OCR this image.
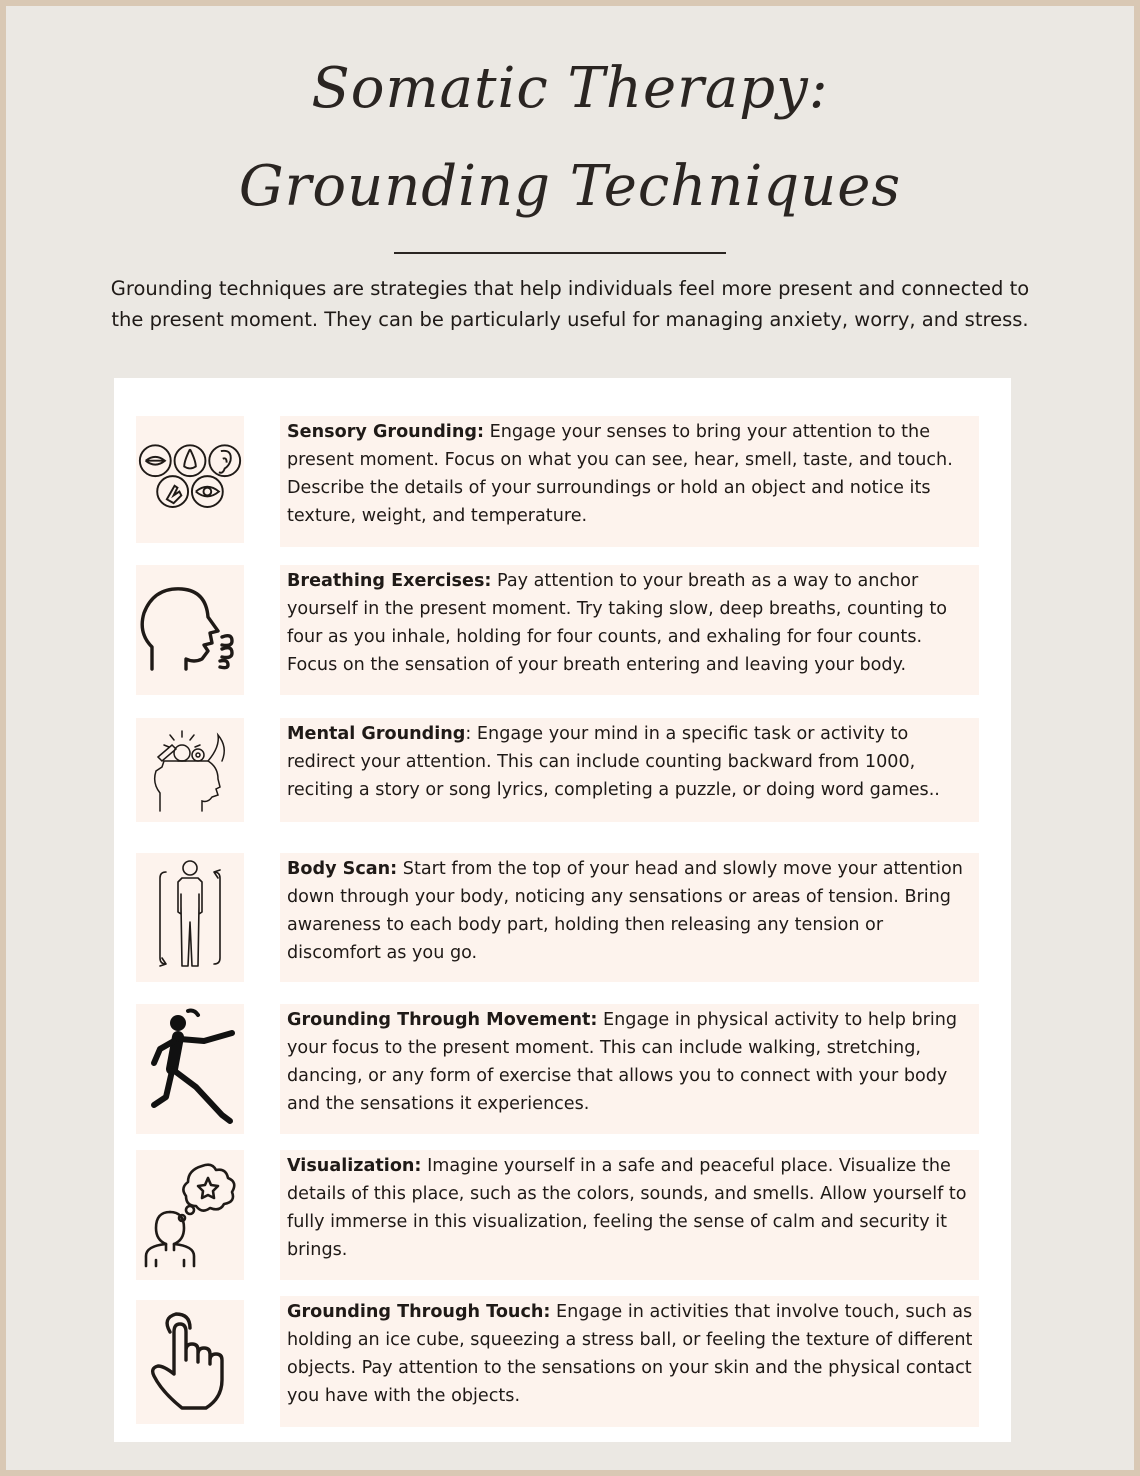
Somatic Therapy:
Grounding Techniques

Grounding techniques are strategies that help individuals feel more present and connected to the present moment. They can be particularly useful for managing anxiety, worry, and stress.

Sensory Grounding: Engage your senses to bring your attention to the present moment. Focus on what you can see, hear, smell, taste, and touch. Describe the details of your surroundings or hold an object and notice its texture, weight, and temperature.

Breathing Exercises: Pay attention to your breath as a way to anchor yourself in the present moment. Try taking slow, deep breaths, counting to four as you inhale, holding for four counts, and exhaling for four counts. Focus on the sensation of your breath entering and leaving your body.

Mental Grounding: Engage your mind in a specific task or activity to redirect your attention. This can include counting backward from 1000, reciting a story or song lyrics, completing a puzzle, or doing word games..

Body Scan: Start from the top of your head and slowly move your attention down through your body, noticing any sensations or areas of tension. Bring awareness to each body part, holding then releasing any tension or discomfort as you go.

Grounding Through Movement: Engage in physical activity to help bring your focus to the present moment. This can include walking, stretching, dancing, or any form of exercise that allows you to connect with your body and the sensations it experiences.

Visualization: Imagine yourself in a safe and peaceful place. Visualize the details of this place, such as the colors, sounds, and smells. Allow yourself to fully immerse in this visualization, feeling the sense of calm and security it brings.

Grounding Through Touch: Engage in activities that involve touch, such as holding an ice cube, squeezing a stress ball, or feeling the texture of different objects. Pay attention to the sensations on your skin and the physical contact you have with the objects.
